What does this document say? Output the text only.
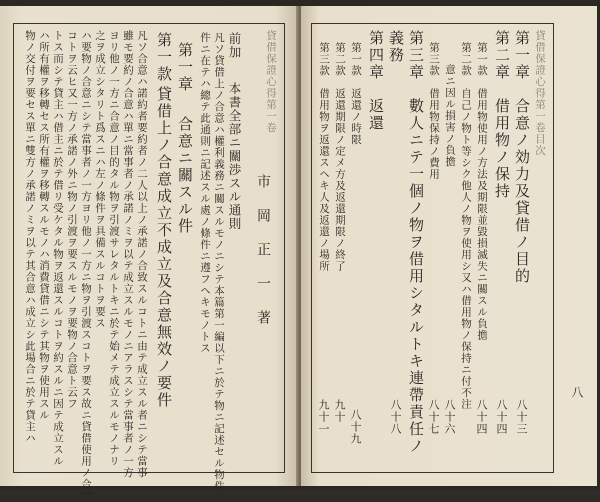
貸借保證心得第一卷
市　岡　正　一　著
前加
本書全部ニ關渉スル通則
凡ソ貸借上ノ合意ハ權利義務ニ關スルモノニシテ本篇第一編以下ニ於テ物ニ記述セル物件
件ニ在テハ總テ此通則ニ記述スル處ノ條件ニ遵フヘキモノトス
第一章
合意ニ關スル件
第一款
貸借上ノ合意成立不成立及合意無效ノ要件
凡ソ合意ハ諾約者要約者ノ二人以上ノ承諾ノ合致スルコトニ由テ成立スル者ニシテ當事
雖モ要約ノ合意ハ單ニ當事者ノ承諾ノミヲ以テ成立スルモノニアラスシテ當事者ノ一方
ヨリ他ノ一方ニ合意ノ目的タル物ヲ引渡サレタルトキニ於テ始メテ成立スルモノナリ
之ヲ成立シタリト爲スニハ左ノ條件ヲ具備スルコトヲ要ス
ハ要物ノ合意ニシテ當事者ノ一方ヨリ他ノ一方ニ物ヲ引渡スコトヲ要ス故ニ貸借使用ノ合意
コトヲ云ヒ又一方ノ承諾ノ外ニ物ノ引渡ヲ要スルモノヲ要物ノ合意ト云フ
トス而シテ貸主ハ借主ニ於テ借リ受ケタル物ヲ返還スルコトヲ約スルニ因テ成立スル
ハ所有權ヲ移轉セス所有權ヲ移轉スルモノハ消費貸借ニシテ其物ヲ使用スル
物ノ交付ヲ要セス單ニ雙方ノ承諾ノミヲ以テ其合意ハ成立シ此場合ニ於テ貸主ハ	貸借保證心得第一卷目次
第一章　合意ノ効力及貸借ノ目的
第二章　借用物ノ保持
第一款　借用物使用ノ方法及期限並毀損滅失ニ關スル負擔
第二款　自己ノ物ト等シク他人ノ物ヲ使用シ又ハ借用物ノ保持ニ付不注
意ニ因ル損害ノ負擔
第三款　借用物保持ノ費用
第三章　數人ニテ一個ノ物ヲ借用シタルトキ連帶責任ノ
義務
第四章　返還
第一款　返還ノ時限
第二款　返還期限ノ定メ方及返還期限ノ終了
第三款　借用物ヲ返還スヘキ人及返還ノ場所
八十三
八十四
八十四
八十六
八十七
八十八
八十九
九十
九十一
八
